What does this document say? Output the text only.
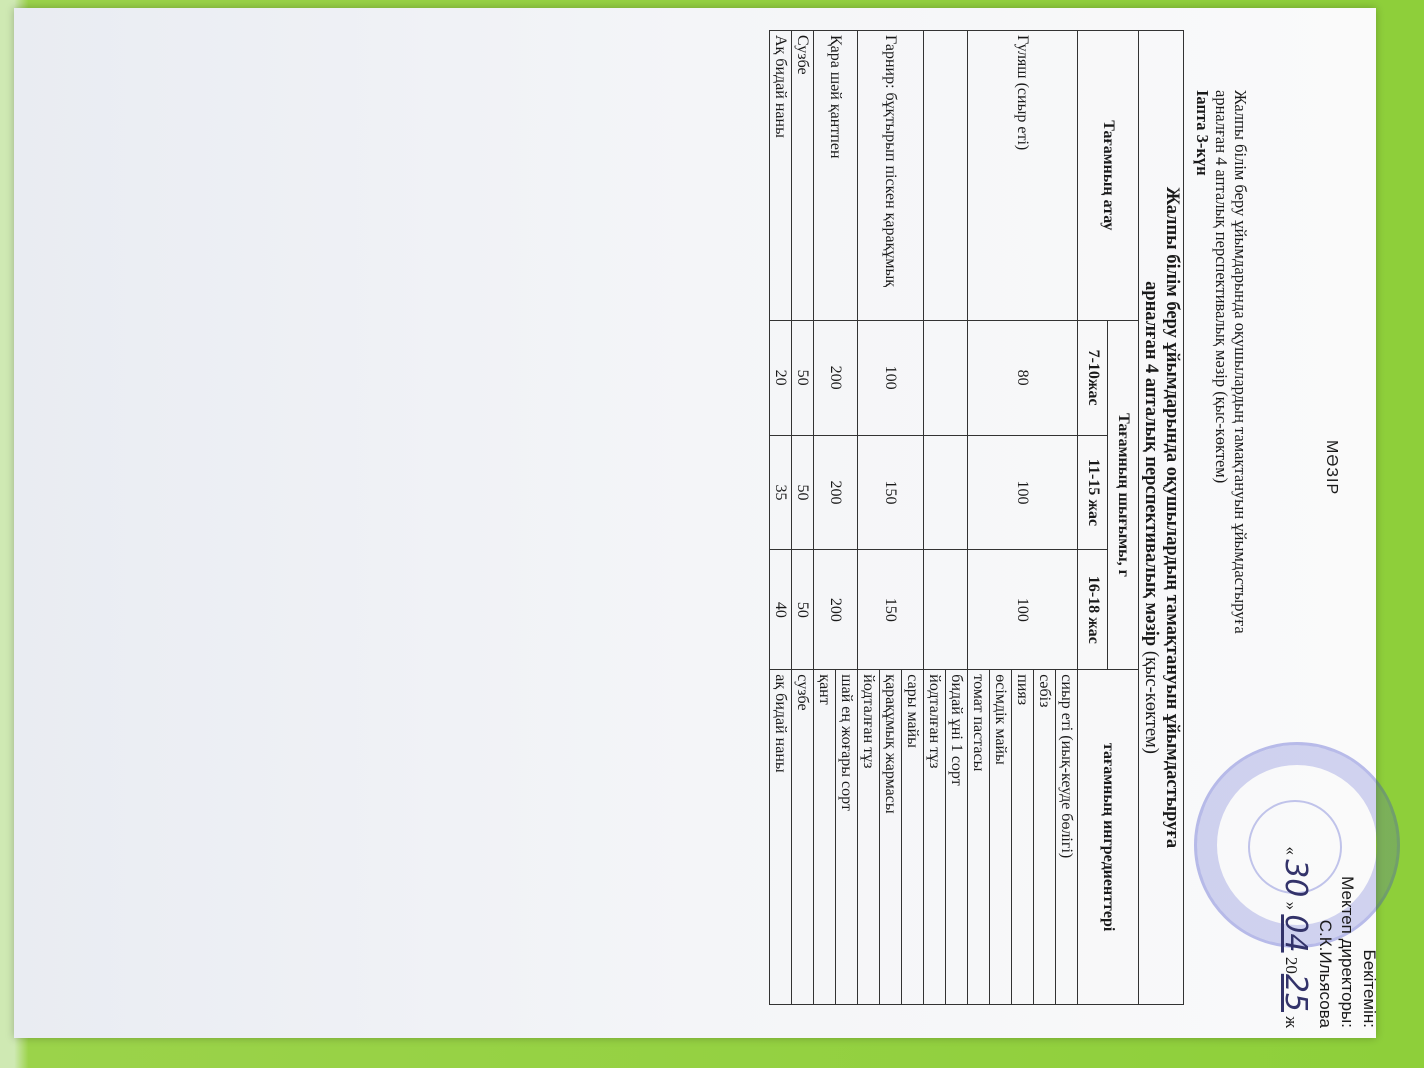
Бекітемін:
Мектеп директоры:
С.К.Ильясова
« 30 » 04 2025 ж
МӘЗІР
Жалпы білім беру ұйымдарында оқушылардың тамақтануын ұйымдастыруға
арналған 4 апталық перспективалық мәзір (қыс-көктем)
Іапта 3-күн
Жалпы білім беру ұйымдарында оқушылардың тамақтануын ұйымдастыруға
арналған 4 апталық перспективалық мәзір (қыс-көктем)				

Тағамның атау	Тағамның шығымы, г			тағамның ингредиенттері
	7-10жас	11-15 жас	16-18 жас	
Гуляш (сиыр еті)	80	100	100	сиыр еті (иық-кеуде бөлігі)
				сәбіз
				пияз
				өсімдік майы
				томат пастасы
				бидай ұнi 1 сорт
				йодталған тұз
Гарнир: бұқтырып піскен қарақұмық	100	150	150	сары майы
				қарақұмық жармасы
				йодталған тұз
Қара шәй қантпен	200	200	200	шай ең жоғары сорт
				қант
Сузбе	50	50	50	сузбе
Ақ бидай наны	20	35	40	ақ бидай наны
